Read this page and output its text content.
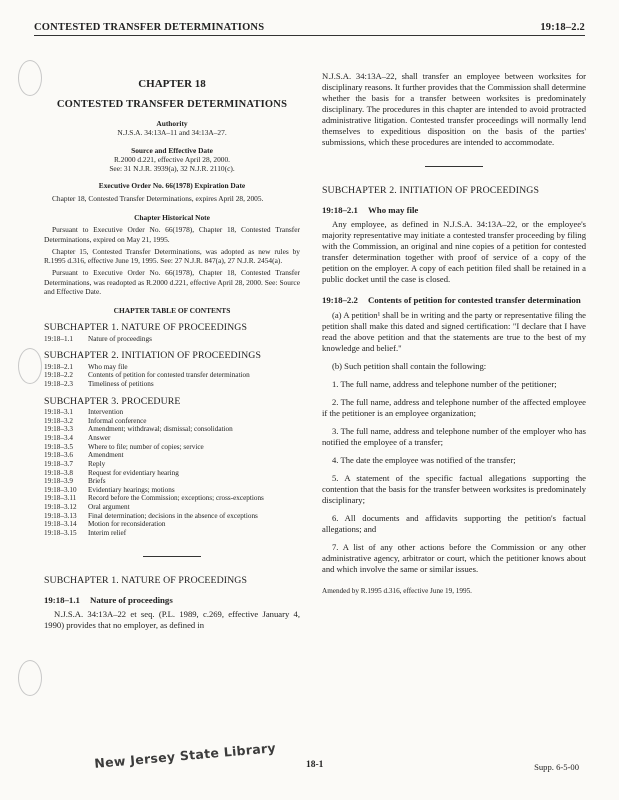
CONTESTED TRANSFER DETERMINATIONS	19:18–2.2
CHAPTER 18
CONTESTED TRANSFER DETERMINATIONS
Authority
N.J.S.A. 34:13A–11 and 34:13A–27.
Source and Effective Date
R.2000 d.221, effective April 28, 2000.
See: 31 N.J.R. 3939(a), 32 N.J.R. 2110(c).
Executive Order No. 66(1978) Expiration Date
Chapter 18, Contested Transfer Determinations, expires April 28, 2005.
Chapter Historical Note
Pursuant to Executive Order No. 66(1978), Chapter 18, Contested Transfer Determinations, expired on May 21, 1995.
Chapter 15, Contested Transfer Determinations, was adopted as new rules by R.1995 d.316, effective June 19, 1995. See: 27 N.J.R. 847(a), 27 N.J.R. 2454(a).
Pursuant to Executive Order No. 66(1978), Chapter 18, Contested Transfer Determinations, was readopted as R.2000 d.221, effective April 28, 2000. See: Source and Effective Date.
CHAPTER TABLE OF CONTENTS
SUBCHAPTER 1. NATURE OF PROCEEDINGS
19:18–1.1	Nature of proceedings
SUBCHAPTER 2. INITIATION OF PROCEEDINGS
19:18–2.1	Who may file
19:18–2.2	Contents of petition for contested transfer determination
19:18–2.3	Timeliness of petitions
SUBCHAPTER 3. PROCEDURE
19:18–3.1	Intervention
19:18–3.2	Informal conference
19:18–3.3	Amendment; withdrawal; dismissal; consolidation
19:18–3.4	Answer
19:18–3.5	Where to file; number of copies; service
19:18–3.6	Amendment
19:18–3.7	Reply
19:18–3.8	Request for evidentiary hearing
19:18–3.9	Briefs
19:18–3.10	Evidentiary hearings; motions
19:18–3.11	Record before the Commission; exceptions; cross-exceptions
19:18–3.12	Oral argument
19:18–3.13	Final determination; decisions in the absence of exceptions
19:18–3.14	Motion for reconsideration
19:18–3.15	Interim relief
SUBCHAPTER 1. NATURE OF PROCEEDINGS
19:18–1.1	Nature of proceedings
N.J.S.A. 34:13A–22 et seq. (P.L. 1989, c.269, effective January 4, 1990) provides that no employer, as defined in
N.J.S.A. 34:13A–22, shall transfer an employee between worksites for disciplinary reasons. It further provides that the Commission shall determine whether the basis for a transfer between worksites is predominately disciplinary. The procedures in this chapter are intended to avoid protracted administrative litigation. Contested transfer proceedings will normally lend themselves to expeditious disposition on the basis of the parties' submissions, which these procedures are intended to accommodate.
SUBCHAPTER 2. INITIATION OF PROCEEDINGS
19:18–2.1	Who may file
Any employee, as defined in N.J.S.A. 34:13A–22, or the employee's majority representative may initiate a contested transfer proceeding by filing with the Commission, an original and nine copies of a petition for contested transfer determination together with proof of service of a copy of the petition on the employer. A copy of each petition filed shall be retained in a public docket until the case is closed.
19:18–2.2	Contents of petition for contested transfer determination
(a) A petition¹ shall be in writing and the party or representative filing the petition shall make this dated and signed certification: "I declare that I have read the above petition and that the statements are true to the best of my knowledge and belief."
(b) Such petition shall contain the following:
1. The full name, address and telephone number of the petitioner;
2. The full name, address and telephone number of the affected employee if the petitioner is an employee organization;
3. The full name, address and telephone number of the employer who has notified the employee of a transfer;
4. The date the employee was notified of the transfer;
5. A statement of the specific factual allegations supporting the contention that the basis for the transfer between worksites is predominately disciplinary;
6. All documents and affidavits supporting the petition's factual allegations; and
7. A list of any other actions before the Commission or any other administrative agency, arbitrator or court, which the petitioner knows about and which involve the same or similar issues.
Amended by R.1995 d.316, effective June 19, 1995.
New Jersey State Library	18-1	Supp. 6-5-00
